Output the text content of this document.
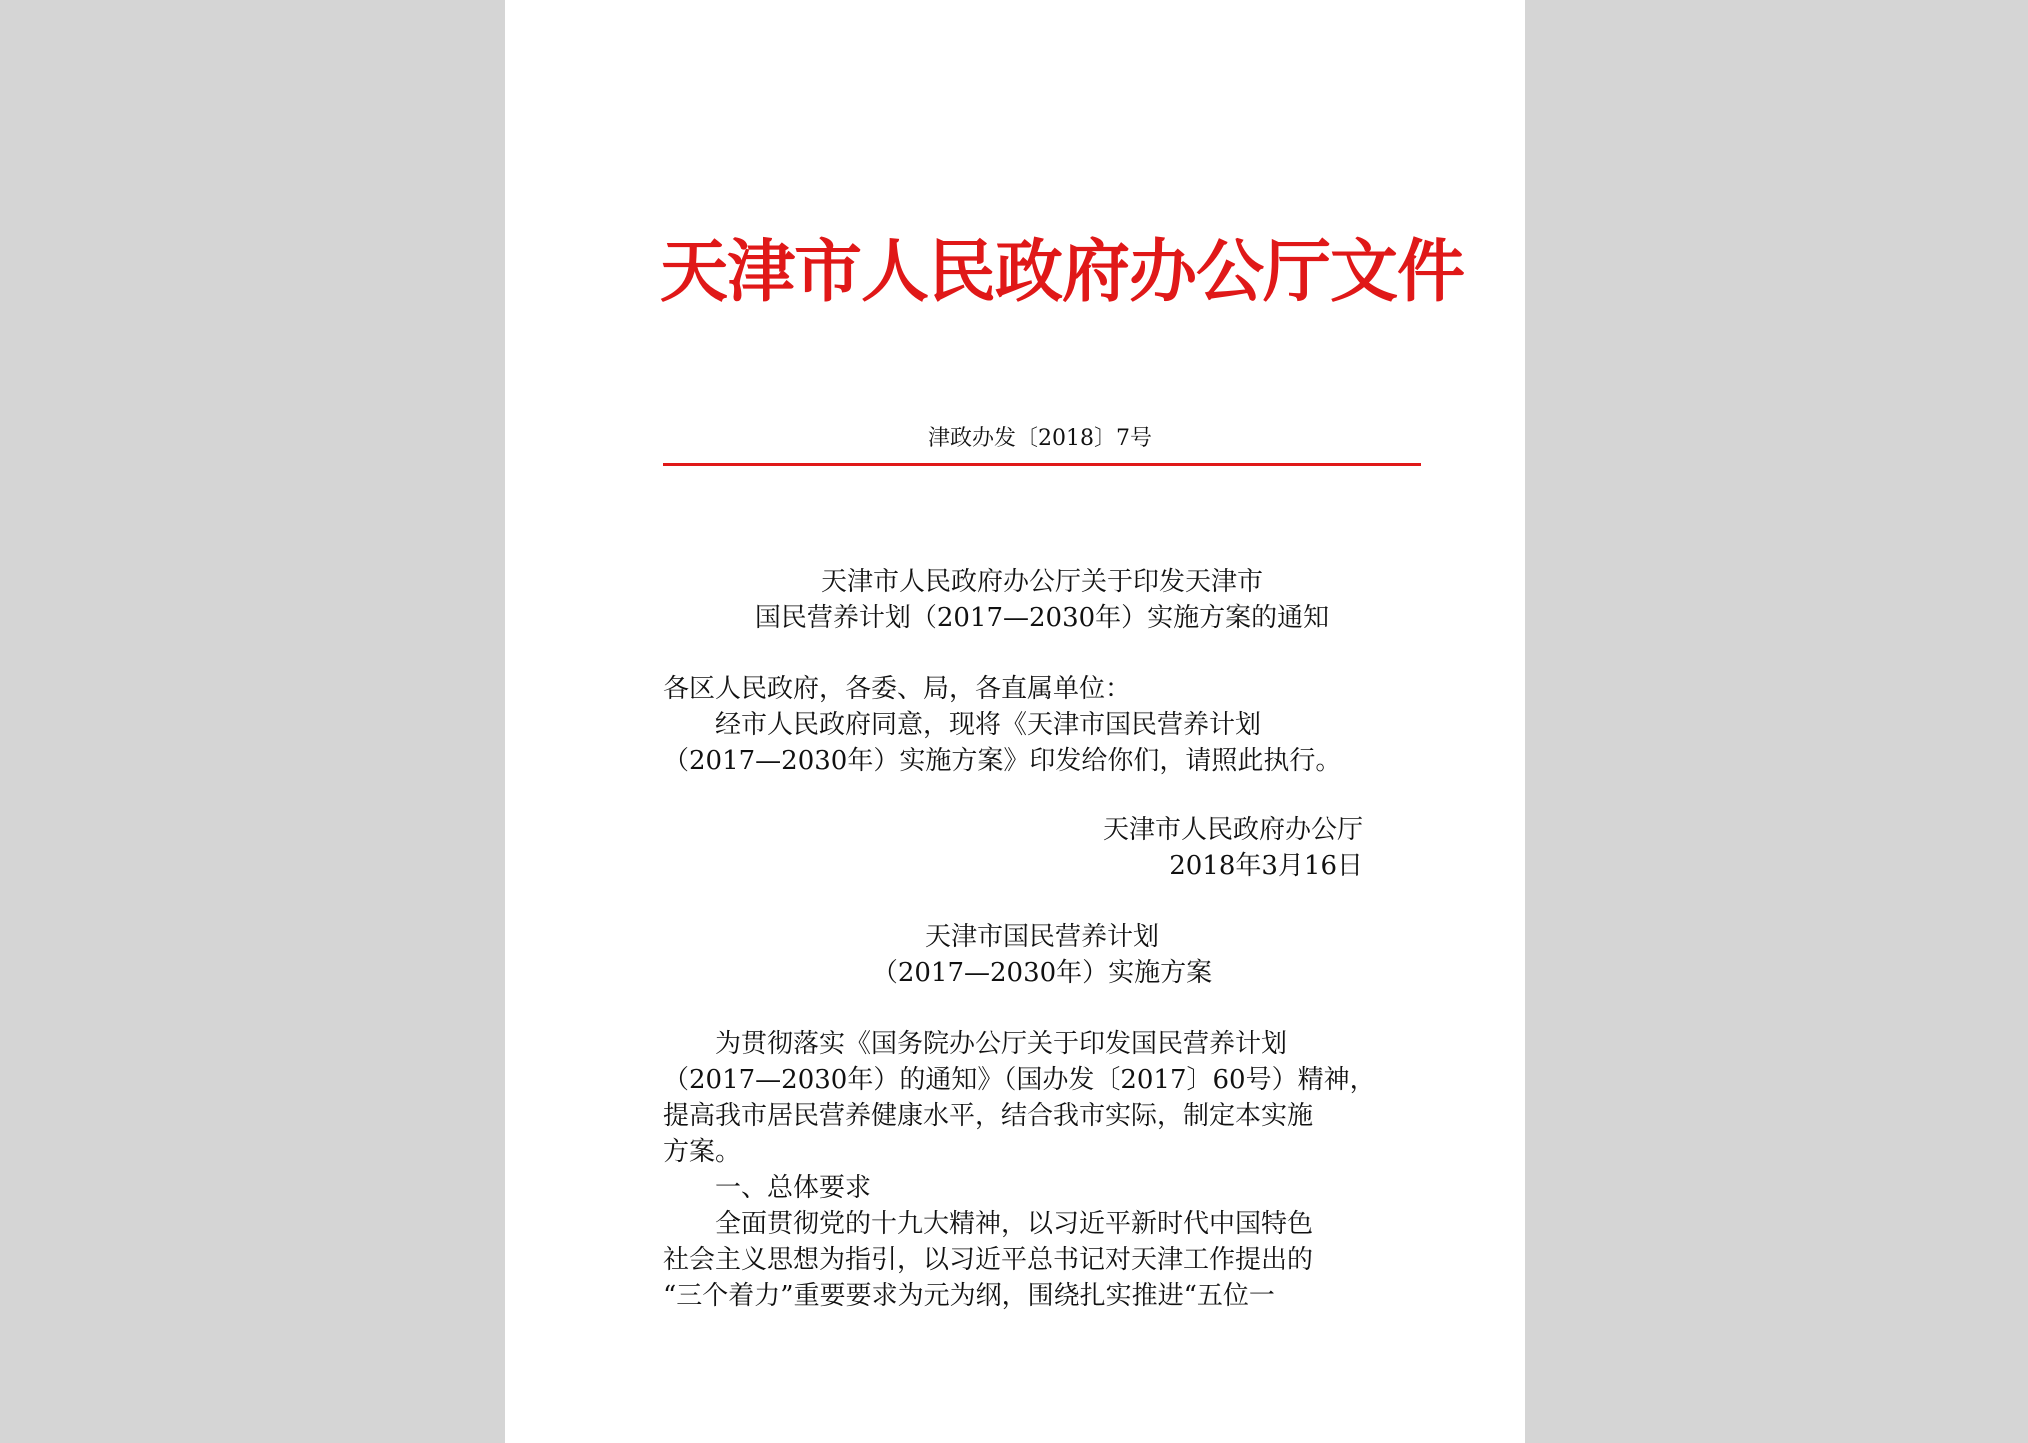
天津市人民政府办公厅文件
津政办发〔2018〕7号
天津市人民政府办公厅关于印发天津市
国民营养计划（2017—2030年）实施方案的通知
各区人民政府，各委、局，各直属单位：
经市人民政府同意，现将《天津市国民营养计划
（2017—2030年）实施方案》印发给你们，请照此执行。
天津市人民政府办公厅
2018年3月16日
天津市国民营养计划
（2017—2030年）实施方案
为贯彻落实《国务院办公厅关于印发国民营养计划
（2017—2030年）的通知》（国办发〔2017〕60号）精神，
提高我市居民营养健康水平，结合我市实际，制定本实施
方案。
一、总体要求
全面贯彻党的十九大精神，以习近平新时代中国特色
社会主义思想为指引，以习近平总书记对天津工作提出的
“三个着力”重要要求为元为纲，围绕扎实推进“五位一
